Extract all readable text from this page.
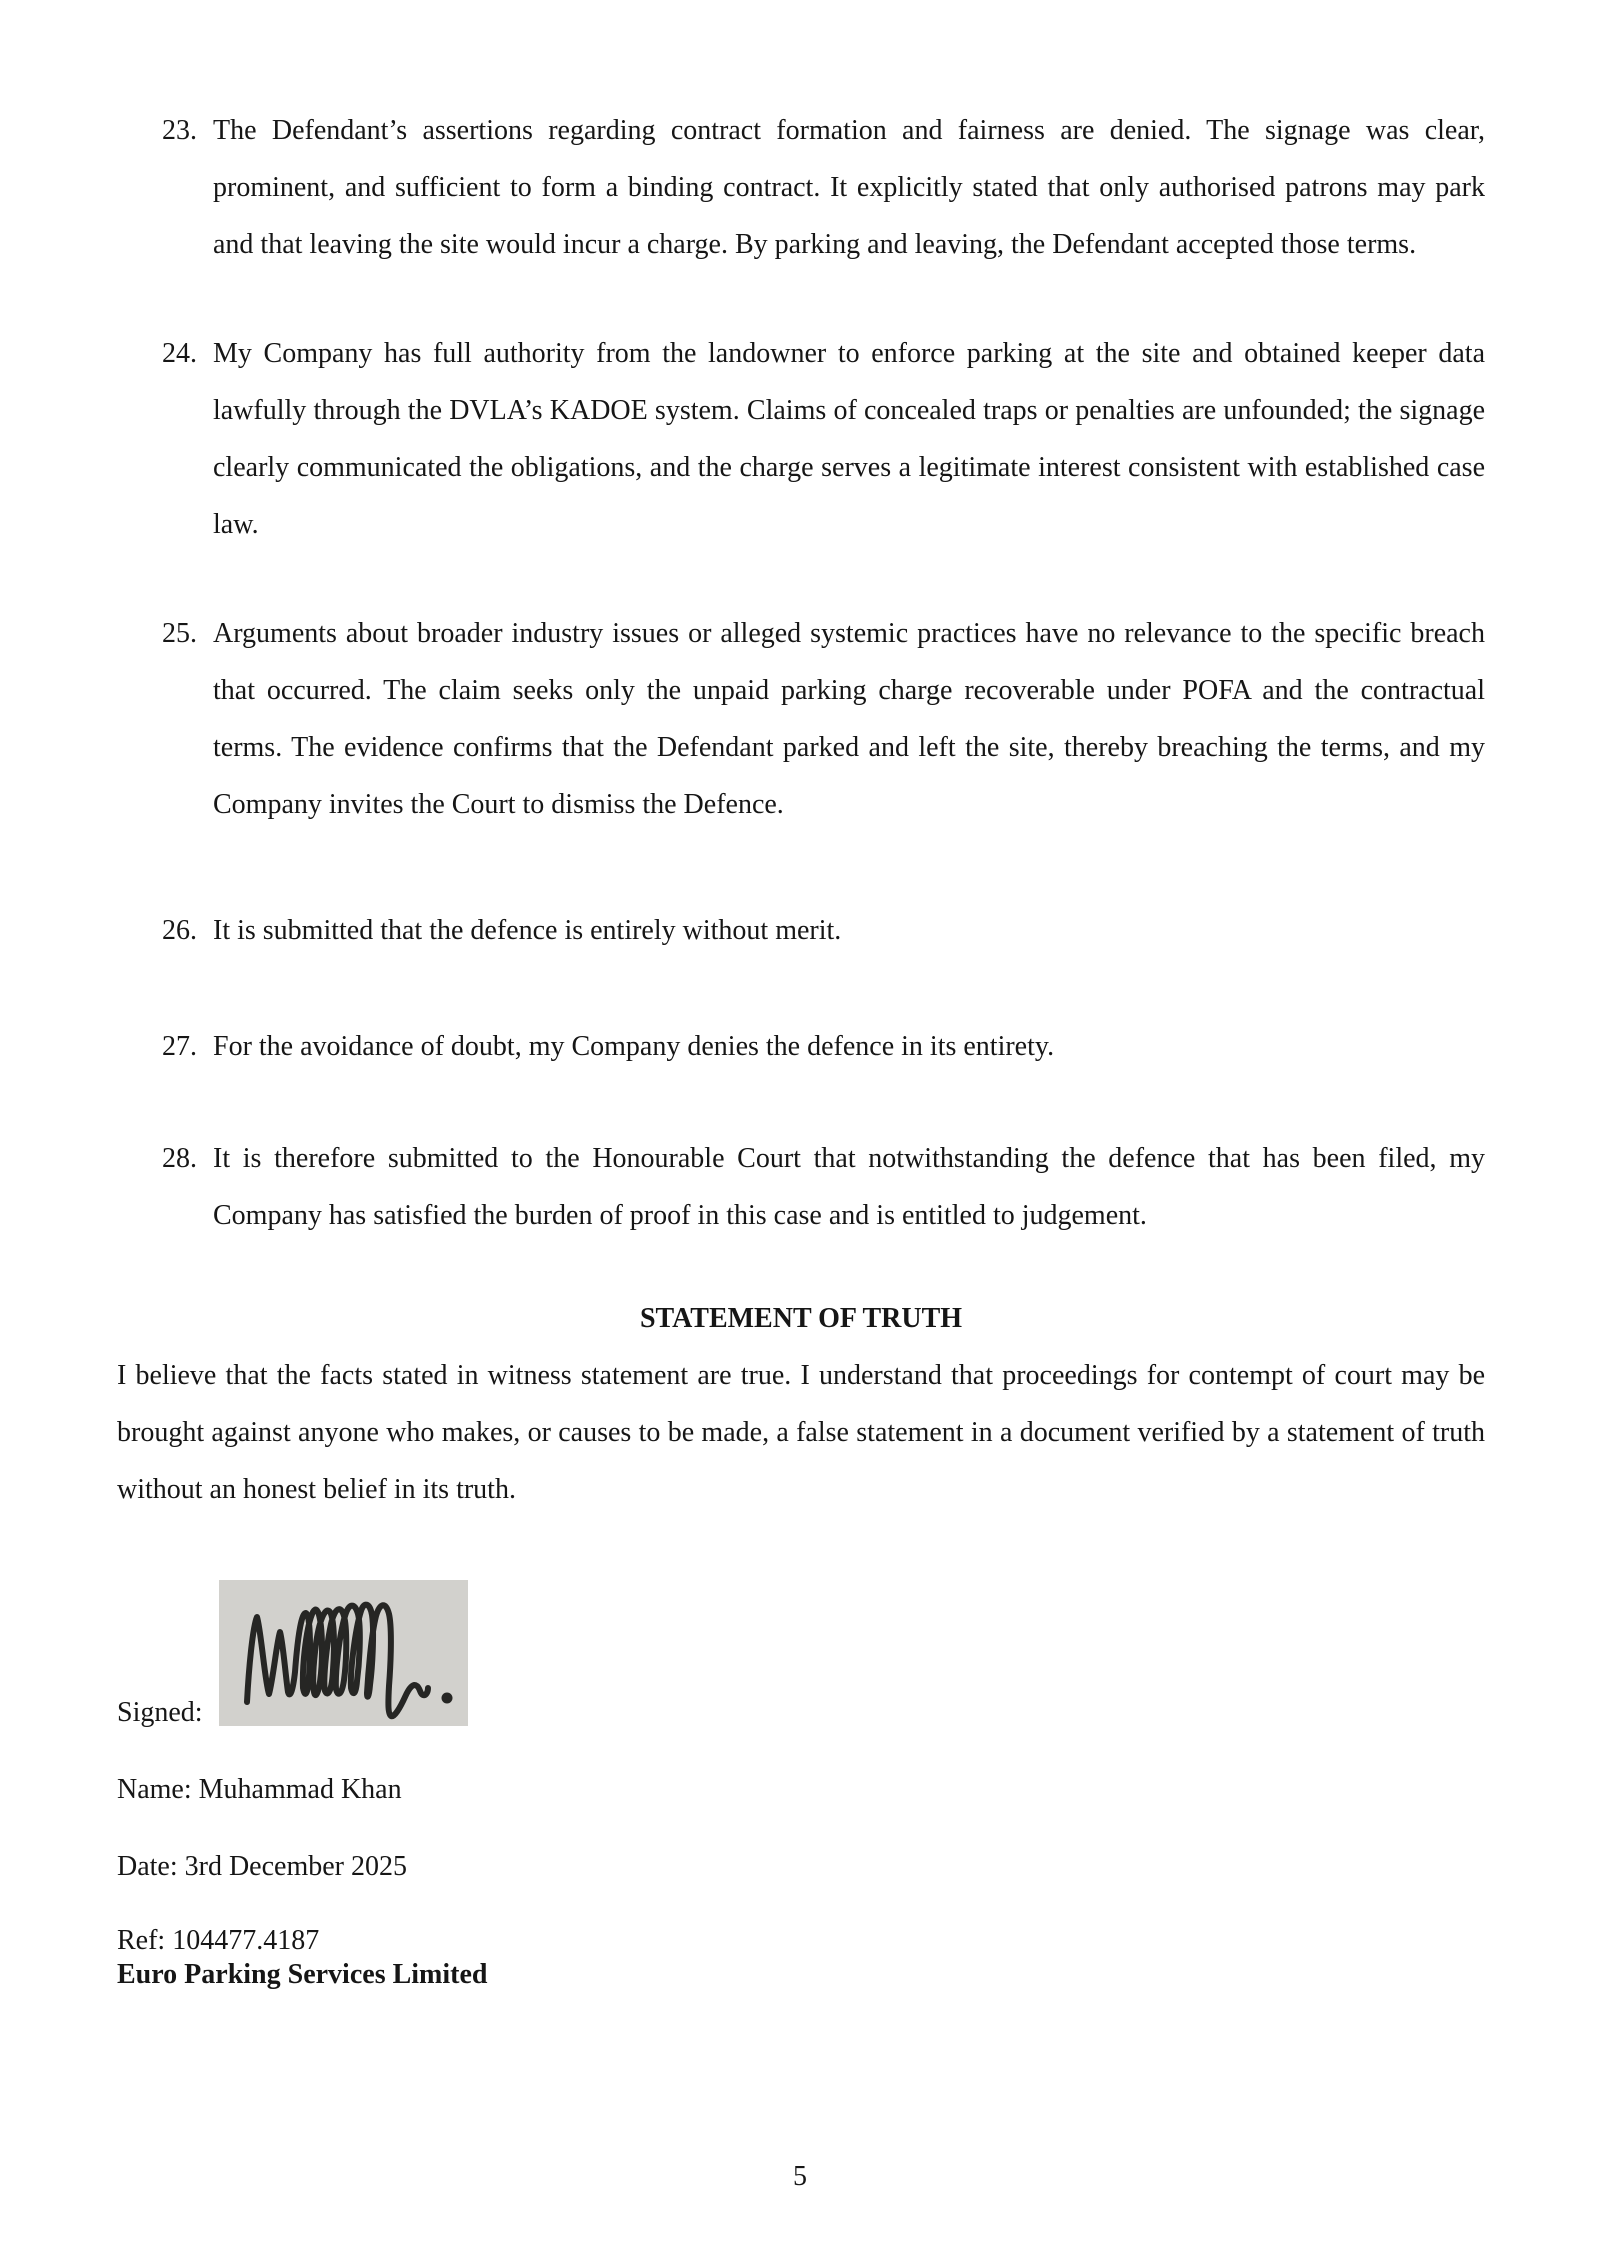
23. The Defendant’s assertions regarding contract formation and fairness are denied. The signage was clear, prominent, and sufficient to form a binding contract. It explicitly stated that only authorised patrons may park and that leaving the site would incur a charge. By parking and leaving, the Defendant accepted those terms.
24. My Company has full authority from the landowner to enforce parking at the site and obtained keeper data lawfully through the DVLA’s KADOE system. Claims of concealed traps or penalties are unfounded; the signage clearly communicated the obligations, and the charge serves a legitimate interest consistent with established case law.
25. Arguments about broader industry issues or alleged systemic practices have no relevance to the specific breach that occurred. The claim seeks only the unpaid parking charge recoverable under POFA and the contractual terms. The evidence confirms that the Defendant parked and left the site, thereby breaching the terms, and my Company invites the Court to dismiss the Defence.
26. It is submitted that the defence is entirely without merit.
27. For the avoidance of doubt, my Company denies the defence in its entirety.
28. It is therefore submitted to the Honourable Court that notwithstanding the defence that has been filed, my Company has satisfied the burden of proof in this case and is entitled to judgement.
STATEMENT OF TRUTH

I believe that the facts stated in witness statement are true. I understand that proceedings for contempt of court may be brought against anyone who makes, or causes to be made, a false statement in a document verified by a statement of truth without an honest belief in its truth.

Signed:

Name: Muhammad Khan

Date: 3rd December 2025

Ref: 104477.4187

Euro Parking Services Limited

5
